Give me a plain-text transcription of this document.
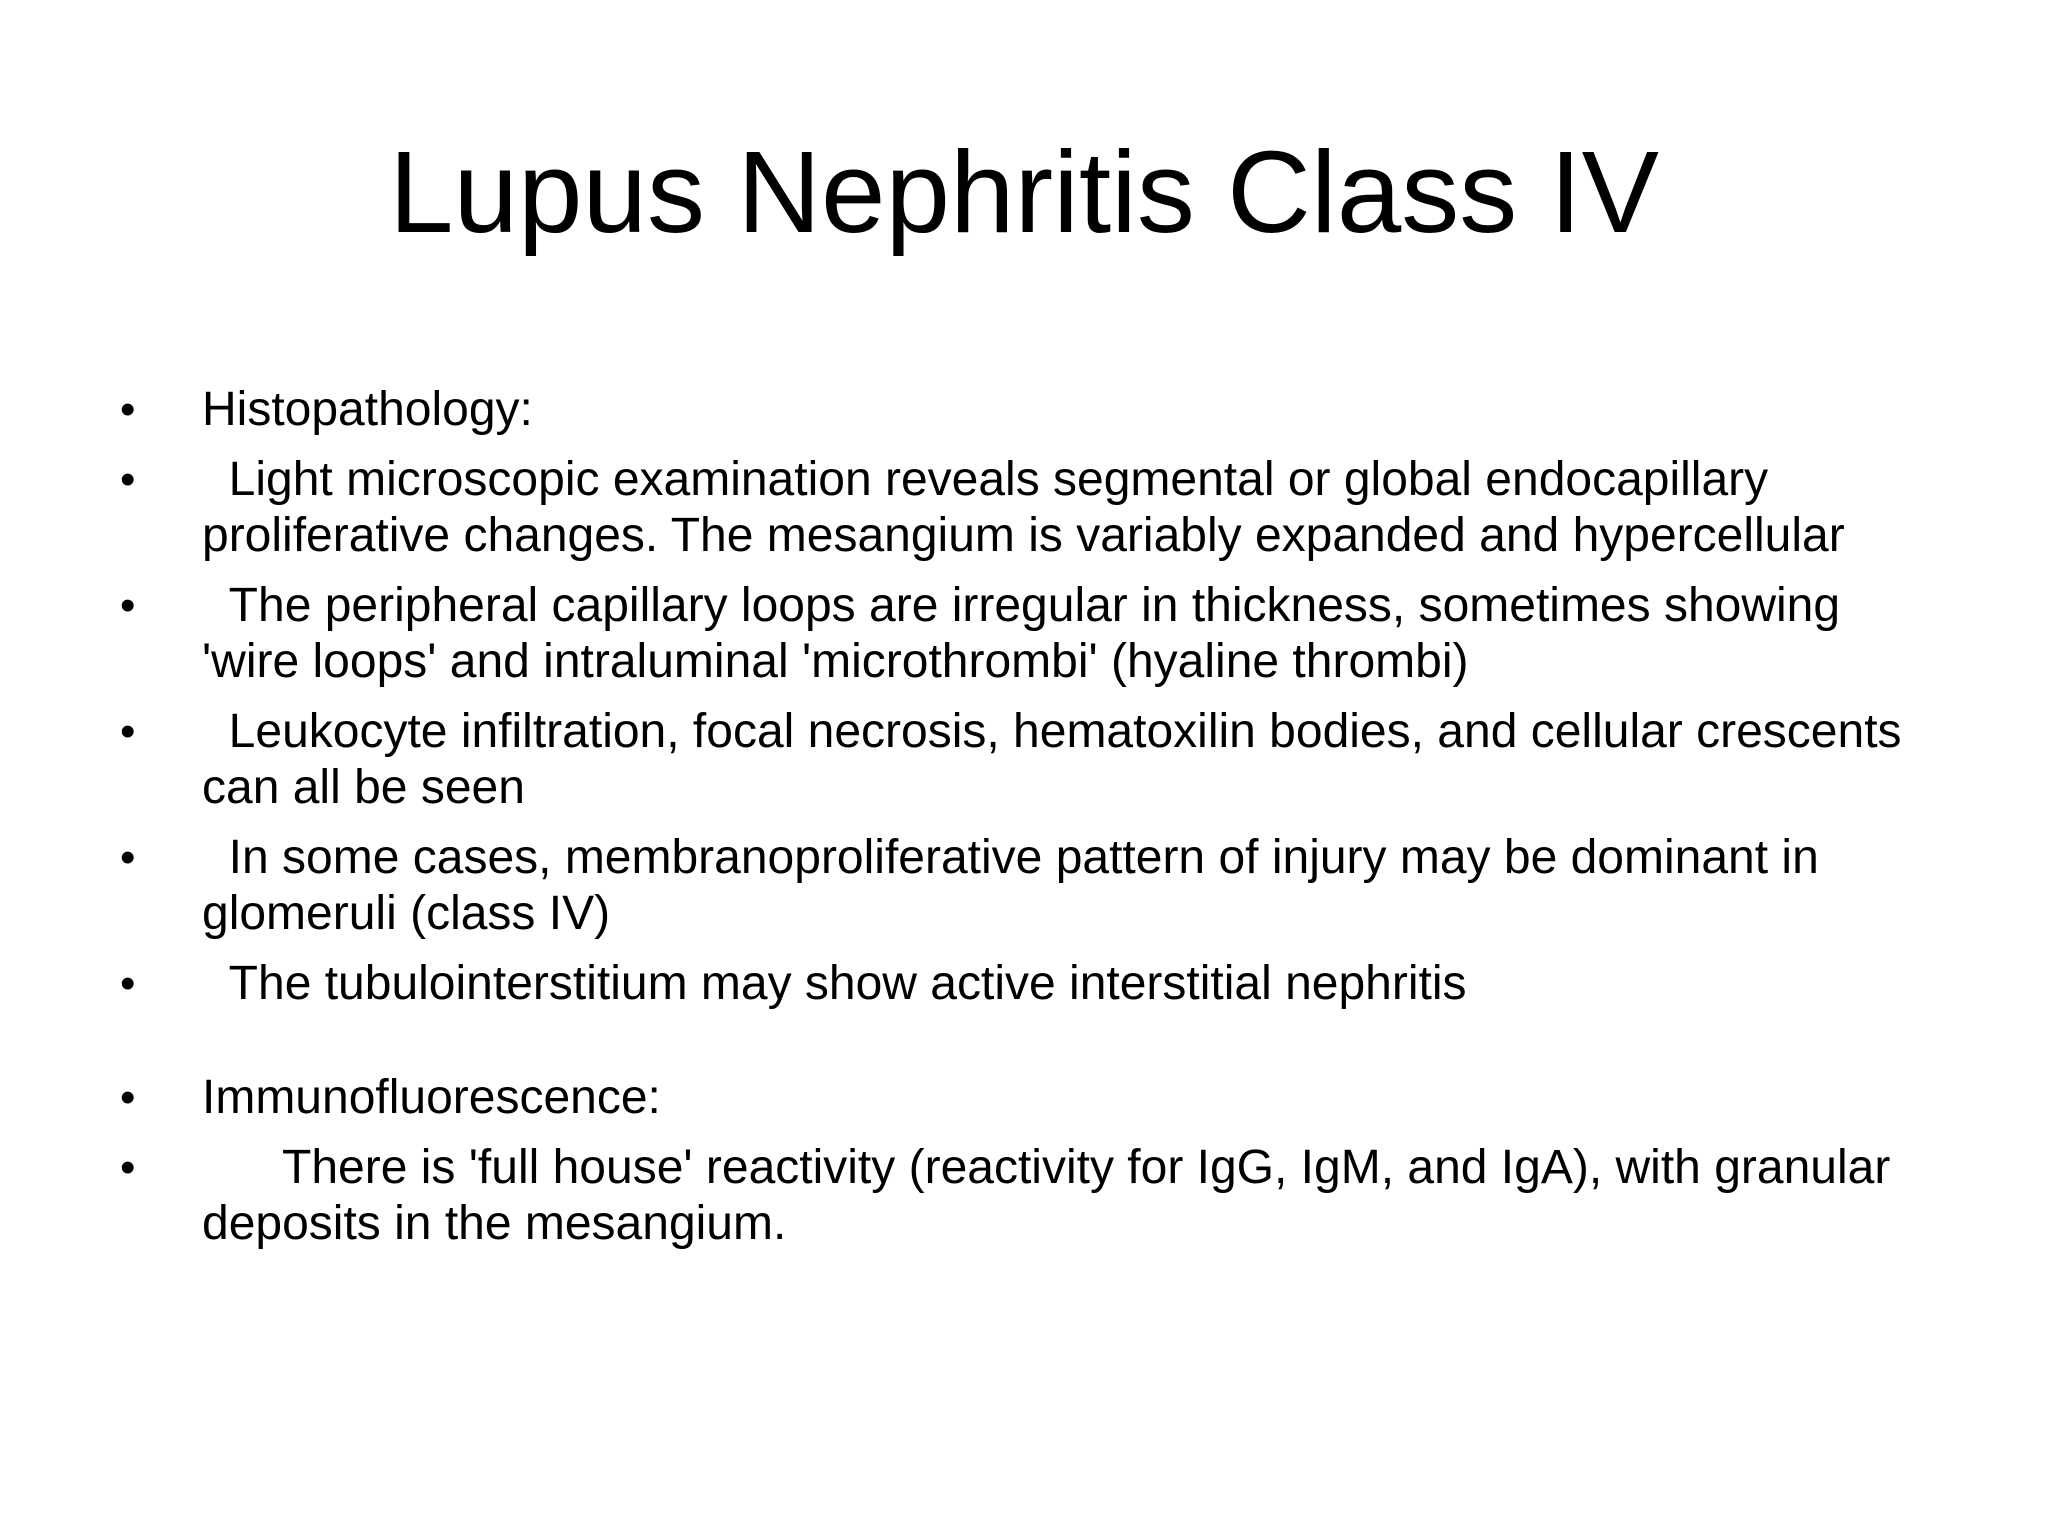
Lupus Nephritis Class IV
•	Histopathology:
•	Light microscopic examination reveals segmental or global endocapillary proliferative changes. The mesangium is variably expanded and hypercellular
•	The peripheral capillary loops are irregular in thickness, sometimes showing 'wire loops' and intraluminal 'microthrombi' (hyaline thrombi)
•	Leukocyte infiltration, focal necrosis, hematoxilin bodies, and cellular crescents can all be seen
•	In some cases, membranoproliferative pattern of injury may be dominant in glomeruli (class IV)
•	The tubulointerstitium may show active interstitial nephritis
•	Immunofluorescence:
•	There is 'full house' reactivity (reactivity for IgG, IgM, and IgA), with granular deposits in the mesangium.
